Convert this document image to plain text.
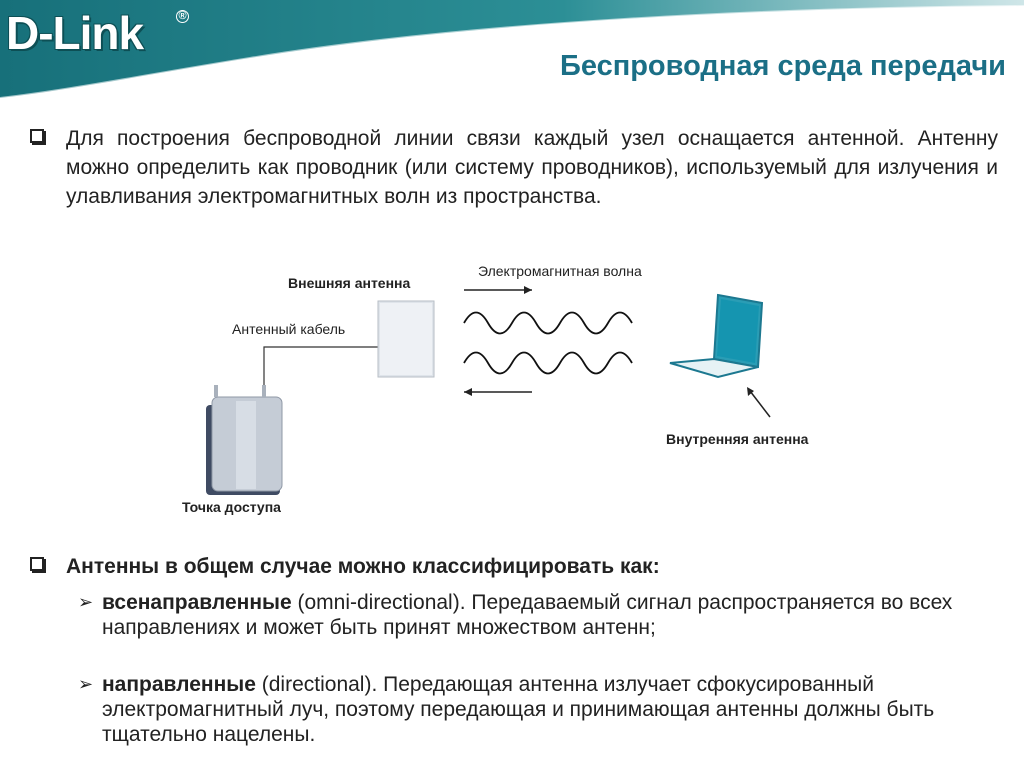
D-Link	®
Беспроводная среда передачи
Для построения беспроводной линии связи каждый узел оснащается антенной. Антенну можно определить как проводник (или систему проводников), используемый для излучения и улавливания электромагнитных волн из пространства.
Внешняя антенна
Антенный кабель
Электромагнитная волна
Точка доступа
Внутренняя антенна
Антенны в общем случае можно классифицировать как:
➢ всенаправленные (omni-directional). Передаваемый сигнал распространяется во всех направлениях и может быть принят множеством антенн;
➢ направленные (directional). Передающая антенна излучает сфокусированный электромагнитный луч, поэтому передающая и принимающая антенны должны быть тщательно нацелены.
